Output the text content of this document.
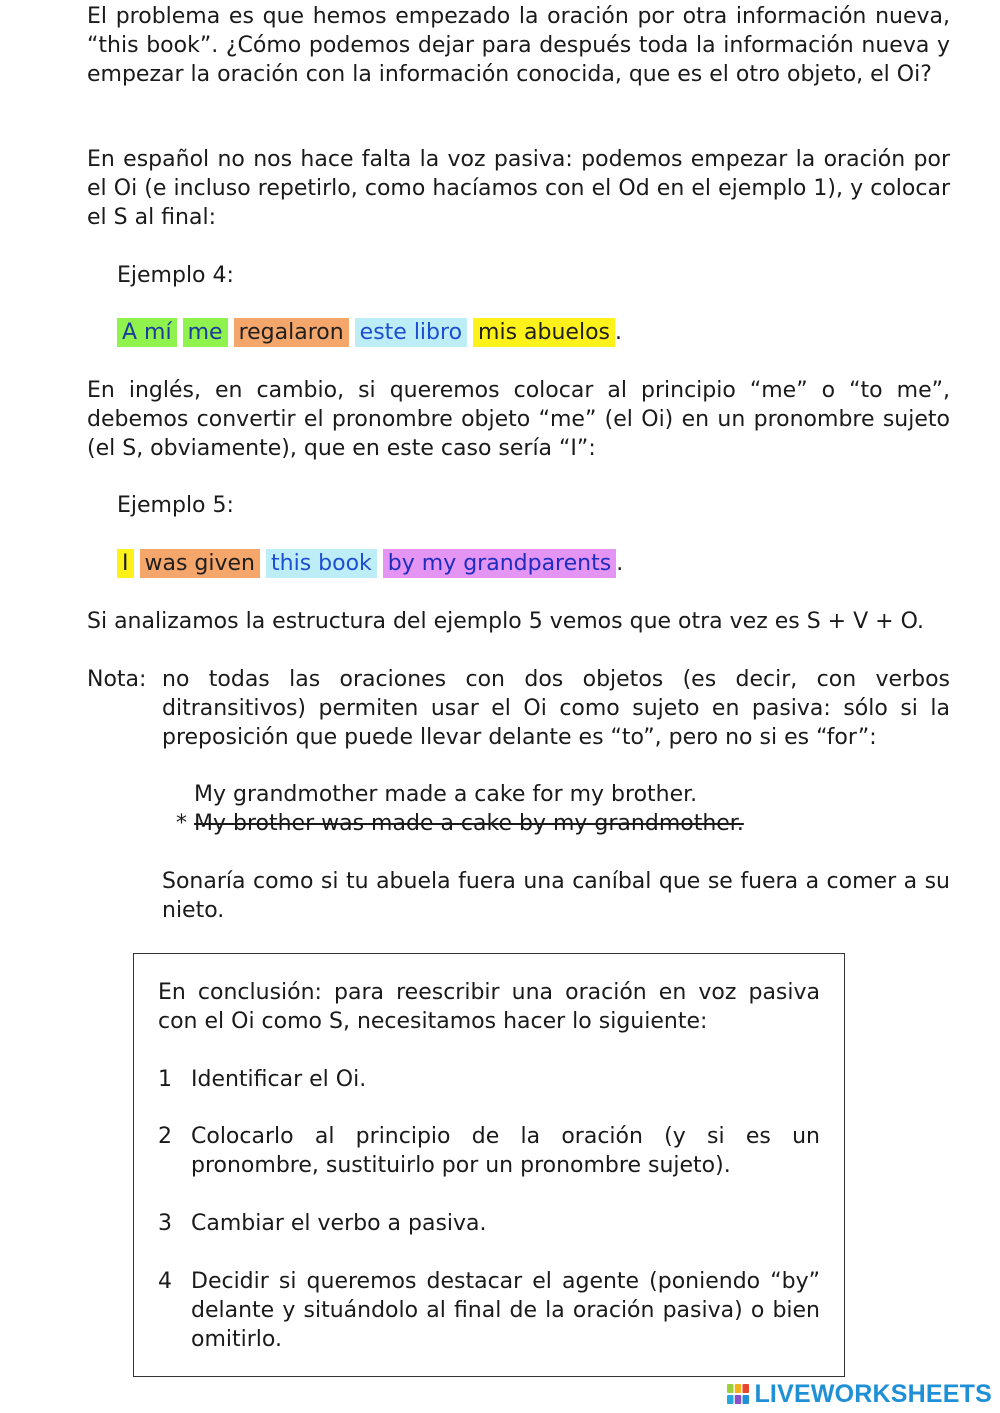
El problema es que hemos empezado la oración por otra información nueva, “this book”. ¿Cómo podemos dejar para después toda la información nueva y empezar la oración con la información conocida, que es el otro objeto, el Oi?

En español no nos hace falta la voz pasiva: podemos empezar la oración por el Oi (e incluso repetirlo, como hacíamos con el Od en el ejemplo 1), y colocar el S al final:

Ejemplo 4:

A mí me regalaron este libro mis abuelos .

En inglés, en cambio, si queremos colocar al principio “me” o “to me”, debemos convertir el pronombre objeto “me” (el Oi) en un pronombre sujeto (el S, obviamente), que en este caso sería “I”:

Ejemplo 5:

I was given this book by my grandparents .

Si analizamos la estructura del ejemplo 5 vemos que otra vez es S + V + O.

Nota: no todas las oraciones con dos objetos (es decir, con verbos ditransitivos) permiten usar el Oi como sujeto en pasiva: sólo si la preposición que puede llevar delante es “to”, pero no si es “for”:

My grandmother made a cake for my brother.

* My brother was made a cake by my grandmother.

Sonaría como si tu abuela fuera una caníbal que se fuera a comer a su nieto.

En conclusión: para reescribir una oración en voz pasiva con el Oi como S, necesitamos hacer lo siguiente:

1 Identificar el Oi.

2 Colocarlo al principio de la oración (y si es un pronombre, sustituirlo por un pronombre sujeto).

3 Cambiar el verbo a pasiva.

4 Decidir si queremos destacar el agente (poniendo “by” delante y situándolo al final de la oración pasiva) o bien omitirlo.

LIVEWORKSHEETS
